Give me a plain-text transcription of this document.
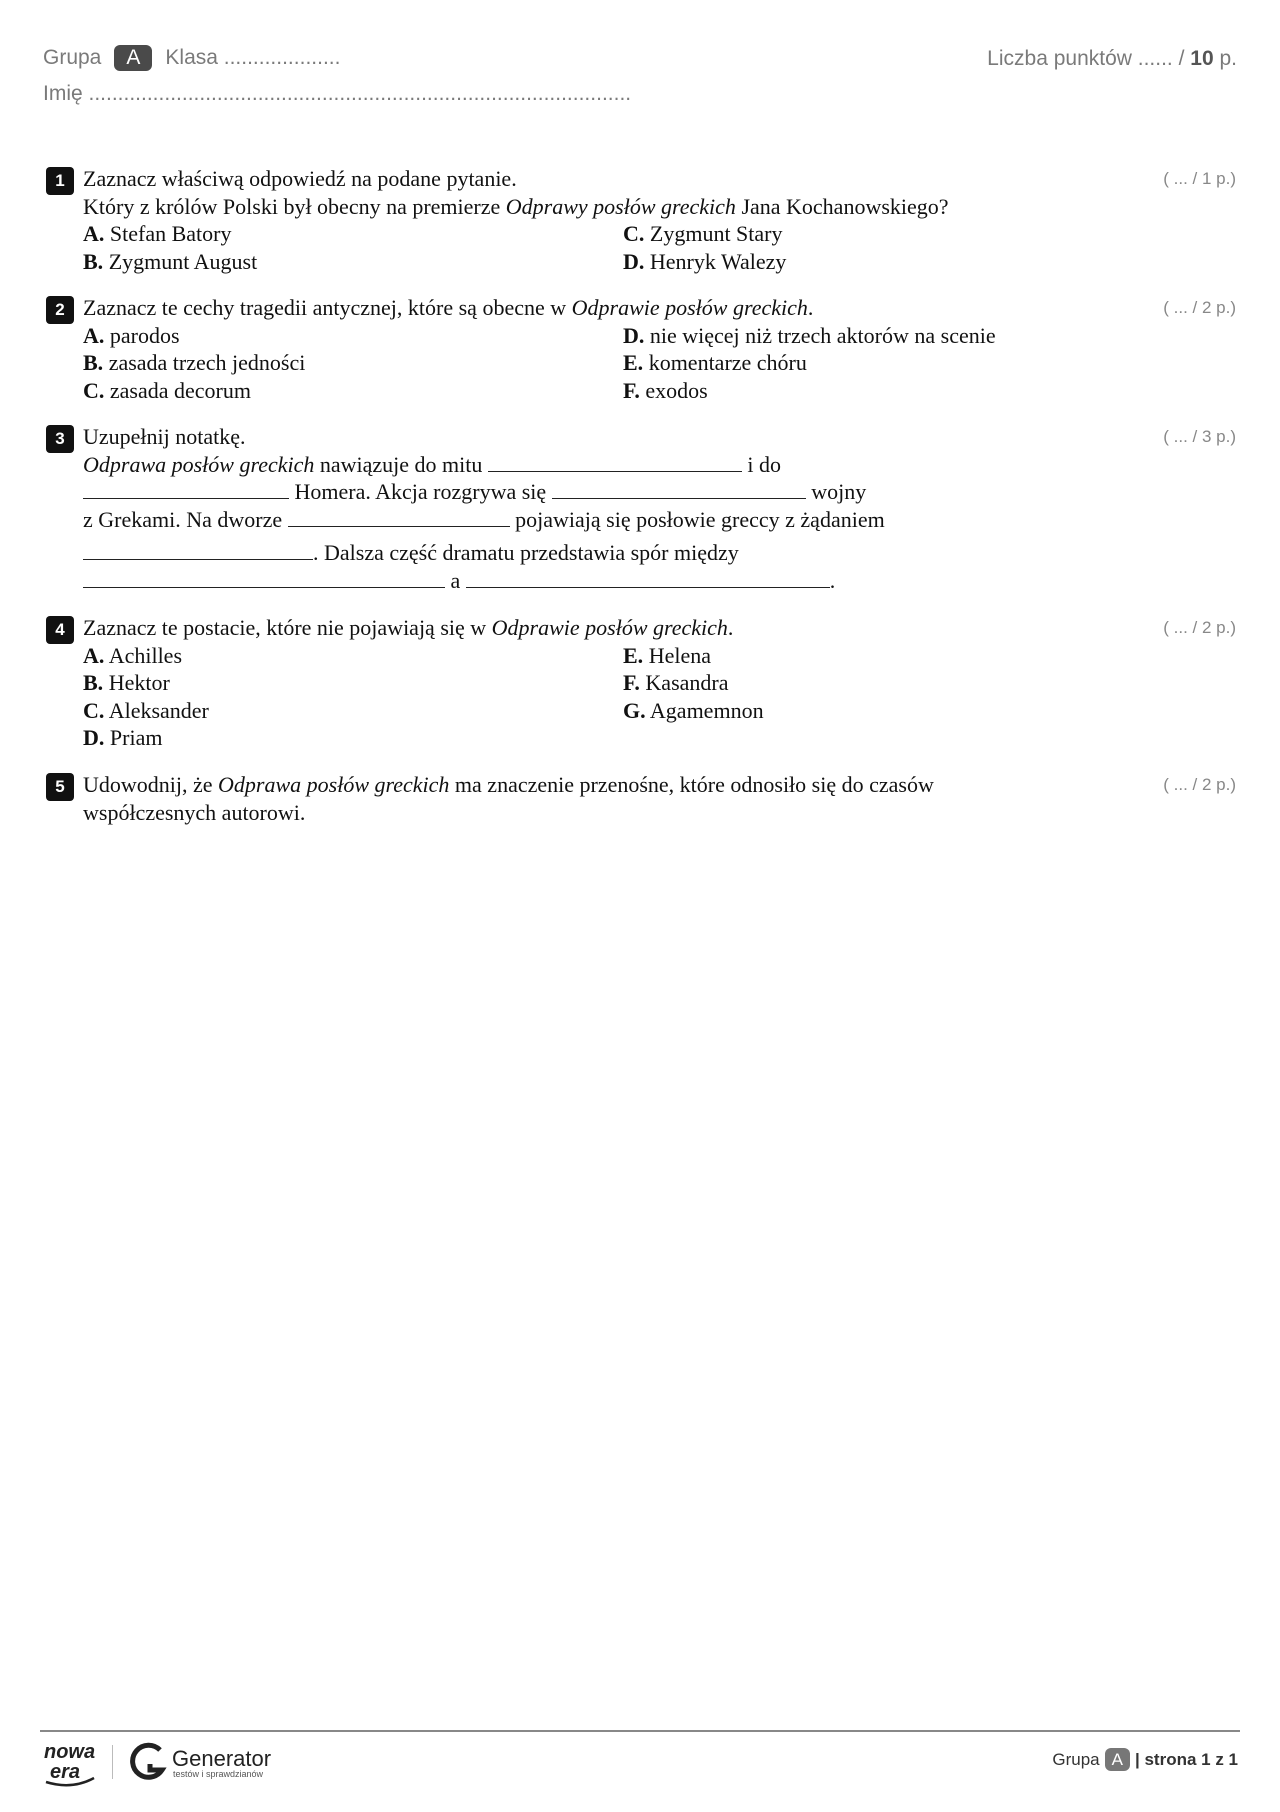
Grupa	A	Klasa ....................
Imię .............................................................................................
Liczba punktów ...... / 10 p.
1	( ... / 1 p.)
Zaznacz właściwą odpowiedź na podane pytanie.
Który z królów Polski był obecny na premierze Odprawy posłów greckich Jana Kochanowskiego?
A. Stefan Batory	C. Zygmunt Stary
B. Zygmunt August	D. Henryk Walezy
2	( ... / 2 p.)
Zaznacz te cechy tragedii antycznej, które są obecne w Odprawie posłów greckich.
A. parodos	D. nie więcej niż trzech aktorów na scenie
B. zasada trzech jedności	E. komentarze chóru
C. zasada decorum	F. exodos
3	( ... / 3 p.)
Uzupełnij notatkę.
Odprawa posłów greckich nawiązuje do mitu	i do
Homera. Akcja rozgrywa się	wojny
z Grekami. Na dworze	pojawiają się posłowie greccy z żądaniem
. Dalsza część dramatu przedstawia spór między
a	.
4	( ... / 2 p.)
Zaznacz te postacie, które nie pojawiają się w Odprawie posłów greckich.
A. Achilles	E. Helena
B. Hektor	F. Kasandra
C. Aleksander	G. Agamemnon
D. Priam
5	( ... / 2 p.)
Udowodnij, że Odprawa posłów greckich ma znaczenie przenośne, które odnosiło się do czasów
współczesnych autorowi.
nowa
era
Generator
testów i sprawdzianów
Grupa A | strona 1 z 1
